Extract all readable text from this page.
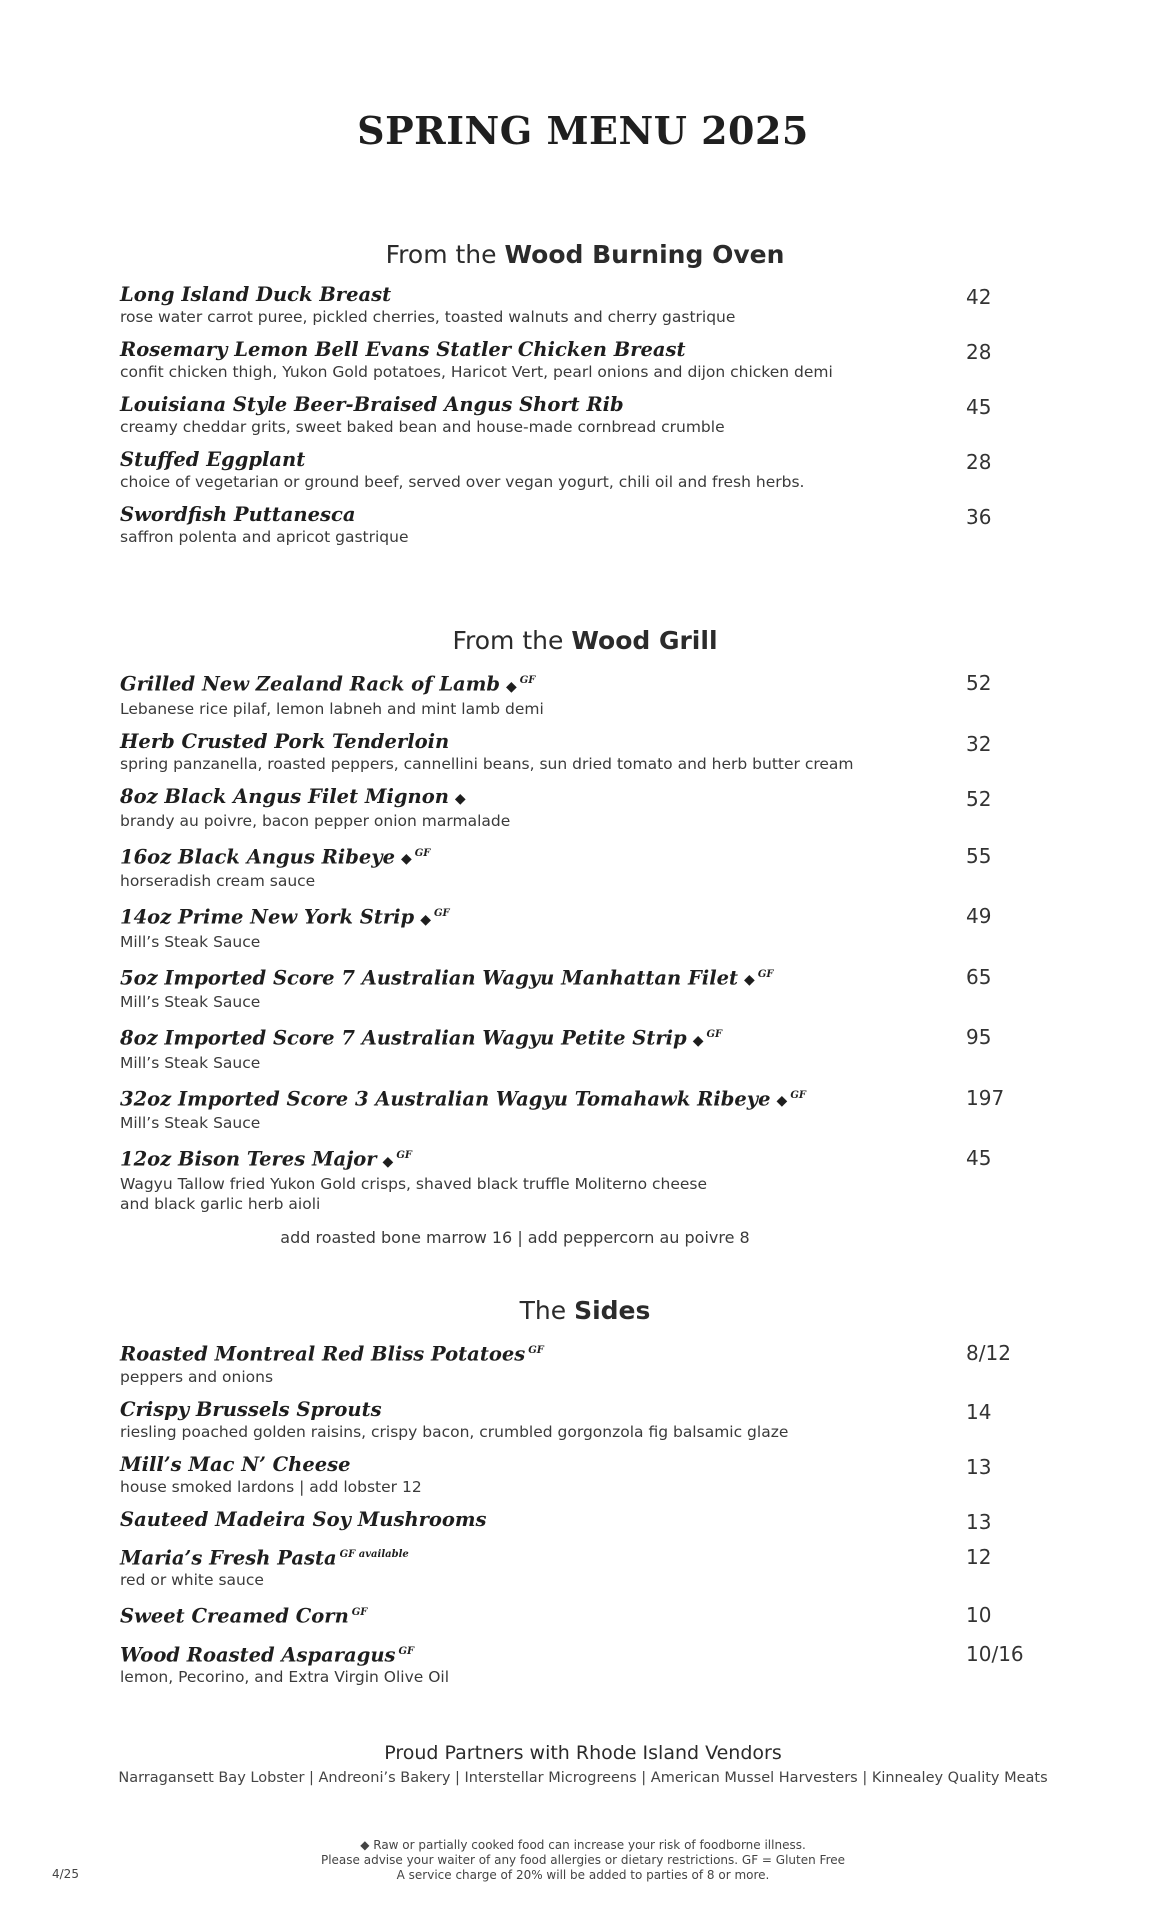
SPRING MENU 2025
From the Wood Burning Oven
Long Island Duck Breast
rose water carrot puree, pickled cherries, toasted walnuts and cherry gastrique
42
Rosemary Lemon Bell Evans Statler Chicken Breast
confit chicken thigh, Yukon Gold potatoes, Haricot Vert, pearl onions and dijon chicken demi
28
Louisiana Style Beer-Braised Angus Short Rib
creamy cheddar grits, sweet baked bean and house-made cornbread crumble
45
Stuffed Eggplant
choice of vegetarian or ground beef, served over vegan yogurt, chili oil and fresh herbs.
28
Swordfish Puttanesca
saffron polenta and apricot gastrique
36
From the Wood Grill
Grilled New Zealand Rack of Lamb ◆ $^{GF}$
Lebanese rice pilaf, lemon labneh and mint lamb demi
52
Herb Crusted Pork Tenderloin
spring panzanella, roasted peppers, cannellini beans, sun dried tomato and herb butter cream
32
8oz Black Angus Filet Mignon ◆
brandy au poivre, bacon pepper onion marmalade
52
16oz Black Angus Ribeye ◆ $^{GF}$
horseradish cream sauce
55
14oz Prime New York Strip ◆ $^{GF}$
Mill’s Steak Sauce
49
5oz Imported Score 7 Australian Wagyu Manhattan Filet ◆ $^{GF}$
Mill’s Steak Sauce
65
8oz Imported Score 7 Australian Wagyu Petite Strip ◆ $^{GF}$
Mill’s Steak Sauce
95
32oz Imported Score 3 Australian Wagyu Tomahawk Ribeye ◆ $^{GF}$
Mill’s Steak Sauce
197
12oz Bison Teres Major ◆ $^{GF}$
Wagyu Tallow fried Yukon Gold crisps, shaved black truffle Moliterno cheese
and black garlic herb aioli
45
add roasted bone marrow 16 | add peppercorn au poivre 8
The Sides
Roasted Montreal Red Bliss Potatoes $^{GF}$
peppers and onions
8/12
Crispy Brussels Sprouts
riesling poached golden raisins, crispy bacon, crumbled gorgonzola fig balsamic glaze
14
Mill’s Mac N’ Cheese
house smoked lardons | add lobster 12
13
Sauteed Madeira Soy Mushrooms	13
Maria’s Fresh Pasta $^{GF available}$
red or white sauce
12
Sweet Creamed Corn $^{GF}$	10
Wood Roasted Asparagus $^{GF}$
lemon, Pecorino, and Extra Virgin Olive Oil
10/16
Proud Partners with Rhode Island Vendors
Narragansett Bay Lobster | Andreoni’s Bakery | Interstellar Microgreens | American Mussel Harvesters | Kinnealey Quality Meats
◆ Raw or partially cooked food can increase your risk of foodborne illness.
Please advise your waiter of any food allergies or dietary restrictions. GF = Gluten Free
A service charge of 20% will be added to parties of 8 or more.
4/25
